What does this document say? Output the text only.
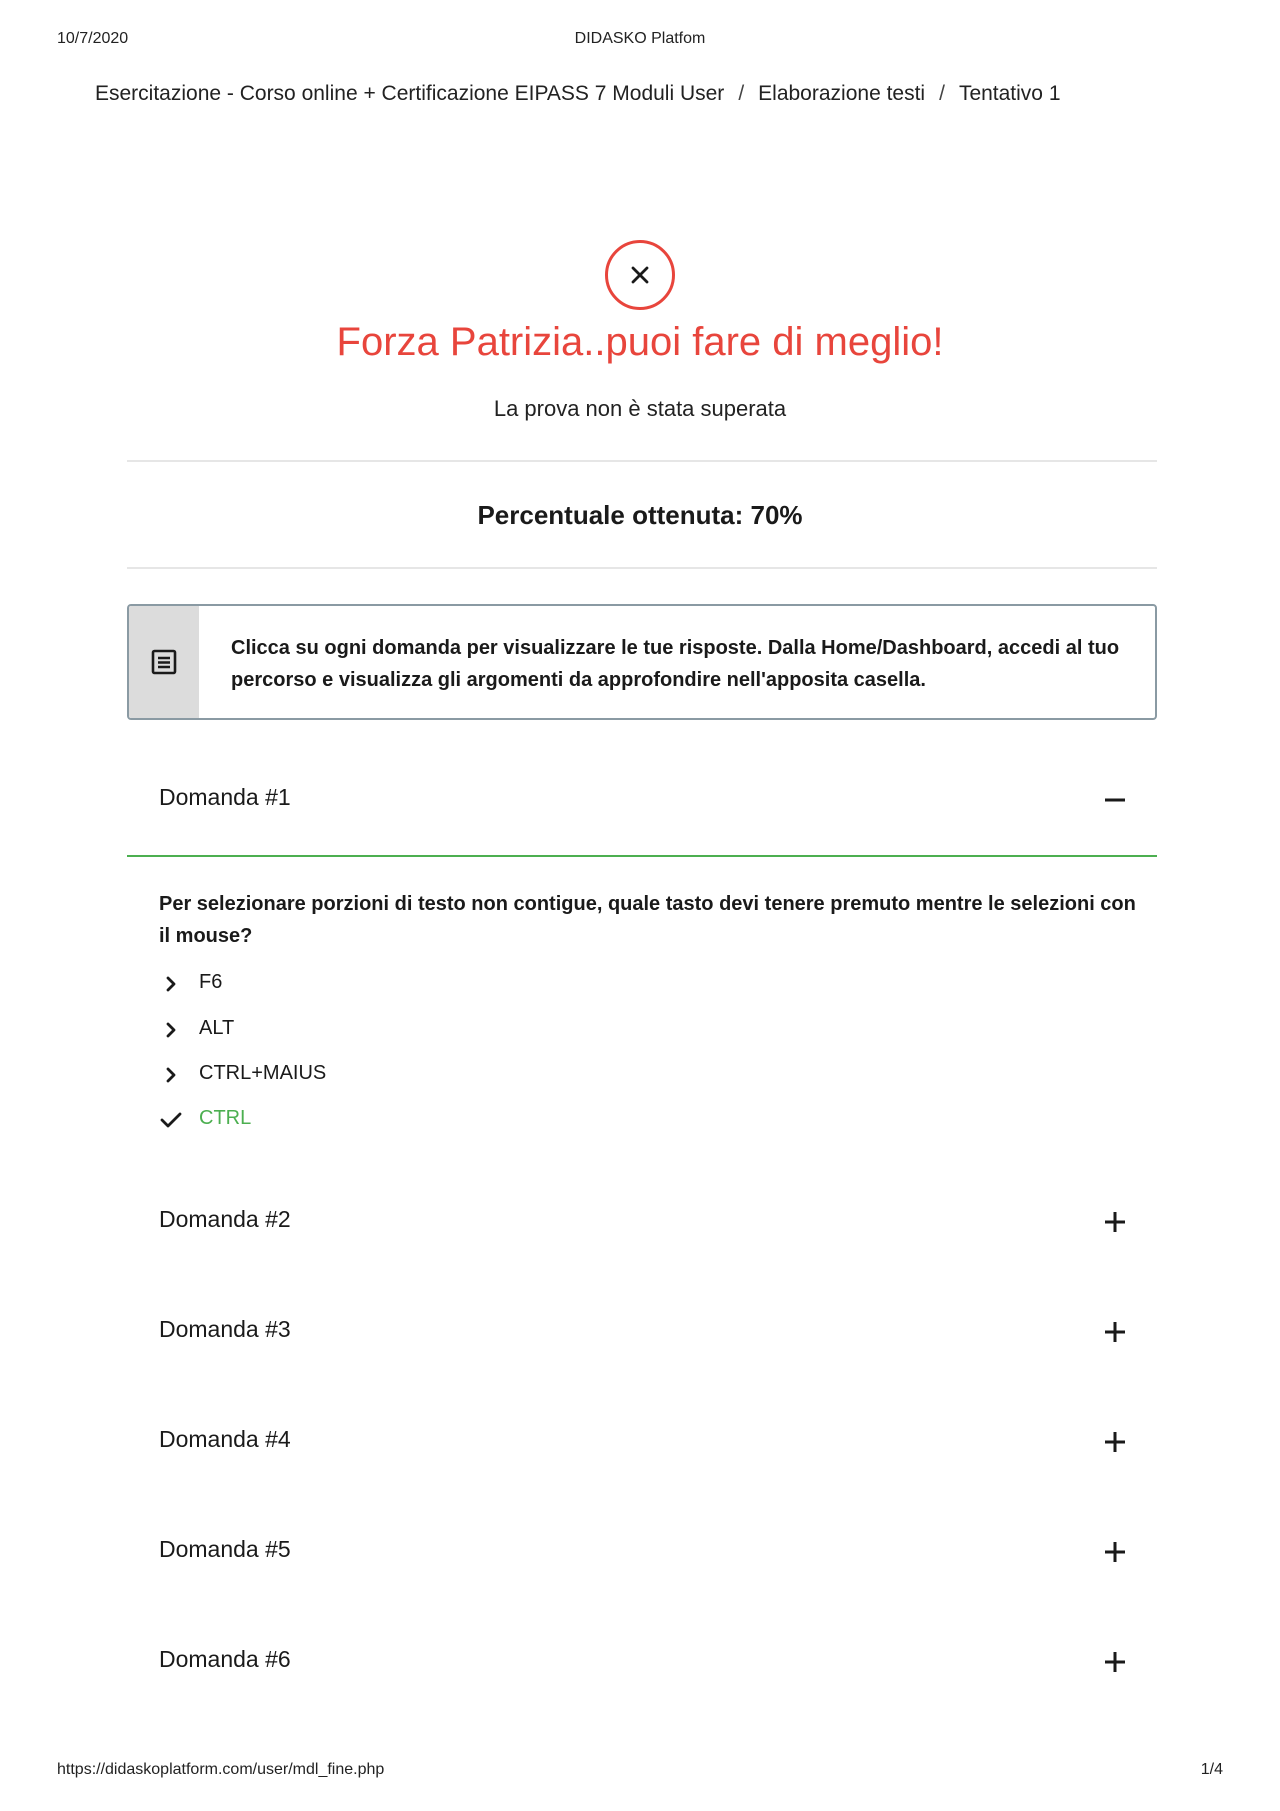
10/7/2020	DIDASKO Platfom
Esercitazione - Corso online + Certificazione EIPASS 7 Moduli User / Elaborazione testi / Tentativo 1
Forza Patrizia..puoi fare di meglio!
La prova non è stata superata
Percentuale ottenuta: 70%
Clicca su ogni domanda per visualizzare le tue risposte. Dalla Home/Dashboard, accedi al tuo percorso e visualizza gli argomenti da approfondire nell'apposita casella.
Domanda #1
Per selezionare porzioni di testo non contigue, quale tasto devi tenere premuto mentre le selezioni con il mouse?
F6
ALT
CTRL+MAIUS
CTRL
Domanda #2
Domanda #3
Domanda #4
Domanda #5
Domanda #6
https://didaskoplatform.com/user/mdl_fine.php	1/4
